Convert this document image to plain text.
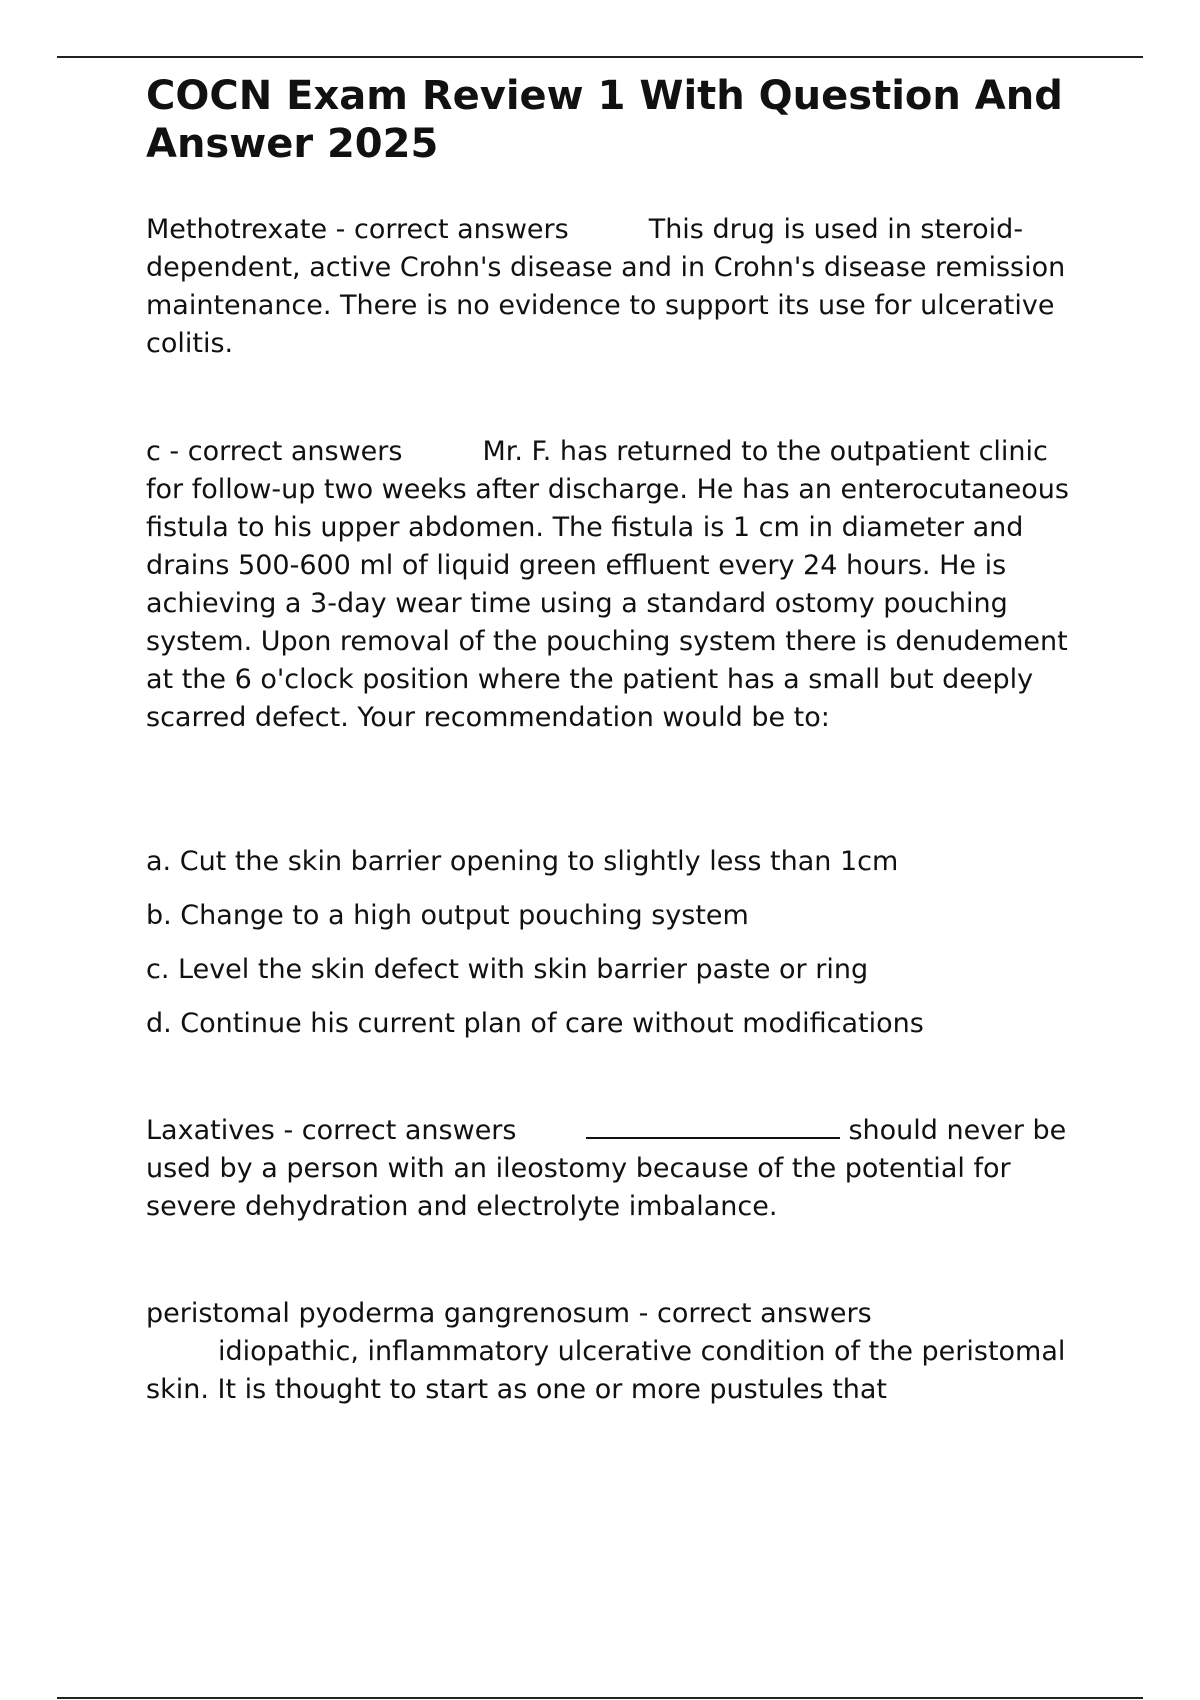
COCN Exam Review 1 With Question And Answer 2025

Methotrexate - correct answers	This drug is used in steroid-dependent, active Crohn's disease and in Crohn's disease remission maintenance. There is no evidence to support its use for ulcerative colitis.

c - correct answers	Mr. F. has returned to the outpatient clinic for follow-up two weeks after discharge. He has an enterocutaneous fistula to his upper abdomen. The fistula is 1 cm in diameter and drains 500-600 ml of liquid green effluent every 24 hours. He is achieving a 3-day wear time using a standard ostomy pouching system. Upon removal of the pouching system there is denudement at the 6 o'clock position where the patient has a small but deeply scarred defect. Your recommendation would be to:

a. Cut the skin barrier opening to slightly less than 1cm
b. Change to a high output pouching system
c. Level the skin defect with skin barrier paste or ring
d. Continue his current plan of care without modifications

Laxatives - correct answers	should never be used by a person with an ileostomy because of the potential for severe dehydration and electrolyte imbalance.

peristomal pyoderma gangrenosum - correct answers
idiopathic, inflammatory ulcerative condition of the peristomal skin. It is thought to start as one or more pustules that
